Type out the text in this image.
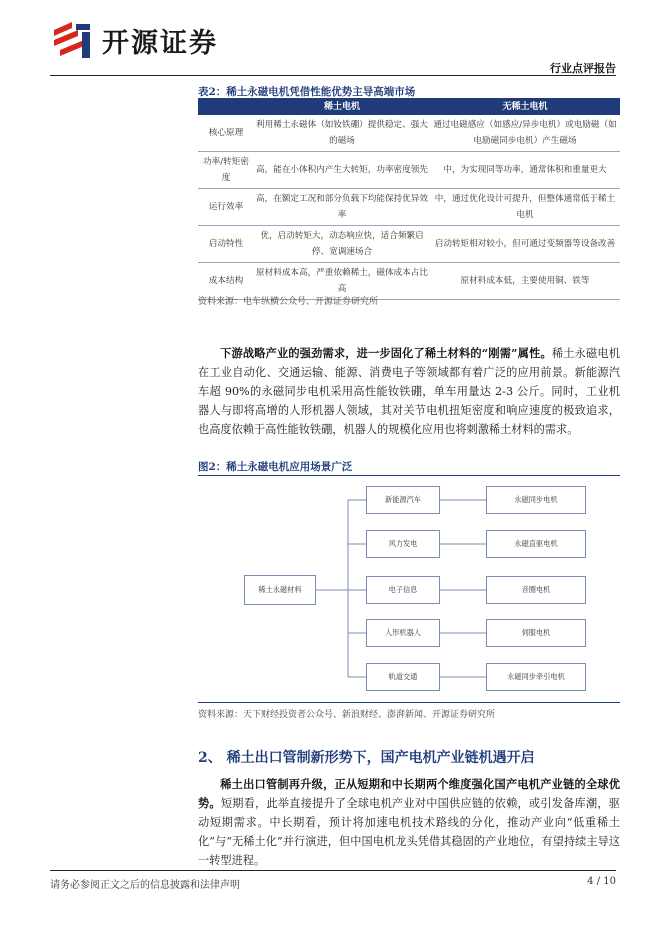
开源证券
行业点评报告
表2：稀土永磁电机凭借性能优势主导高端市场
	稀土电机	无稀土电机
核心原理	利用稀土永磁体（如钕铁硼）提供稳定、强大的磁场	通过电磁感应（如感应/异步电机）或电励磁（如电励磁同步电机）产生磁场
功率/转矩密度	高，能在小体积内产生大转矩，功率密度领先	中，为实现同等功率，通常体积和重量更大
运行效率	高，在额定工况和部分负载下均能保持优异效率	中，通过优化设计可提升，但整体通常低于稀土电机
启动特性	优，启动转矩大，动态响应快，适合频繁启停、宽调速场合	启动转矩相对较小，但可通过变频器等设备改善
成本结构	原材料成本高，严重依赖稀土，磁体成本占比高	原材料成本低，主要使用铜、铁等
资料来源：电车纵横公众号、开源证券研究所
下游战略产业的强劲需求，进一步固化了稀土材料的“刚需”属性。稀土永磁电机在工业自动化、交通运输、能源、消费电子等领域都有着广泛的应用前景。新能源汽车超 90%的永磁同步电机采用高性能钕铁硼，单车用量达 2-3 公斤。同时，工业机器人与即将高增的人形机器人领域，其对关节电机扭矩密度和响应速度的极致追求，也高度依赖于高性能钕铁硼，机器人的规模化应用也将刺激稀土材料的需求。
图2：稀土永磁电机应用场景广泛
稀土永磁材料
新能源汽车
风力发电
电子信息
人形机器人
轨道交通
永磁同步电机
永磁直驱电机
音圈电机
伺服电机
永磁同步牵引电机
资料来源：天下财经投资者公众号、新浪财经、澎湃新闻、开源证券研究所
2、 稀土出口管制新形势下，国产电机产业链机遇开启
稀土出口管制再升级，正从短期和中长期两个维度强化国产电机产业链的全球优势。短期看，此举直接提升了全球电机产业对中国供应链的依赖，或引发备库潮，驱动短期需求。中长期看，预计将加速电机技术路线的分化，推动产业向“低重稀土化”与“无稀土化”并行演进，但中国电机龙头凭借其稳固的产业地位，有望持续主导这一转型进程。
请务必参阅正文之后的信息披露和法律声明	4 / 10
